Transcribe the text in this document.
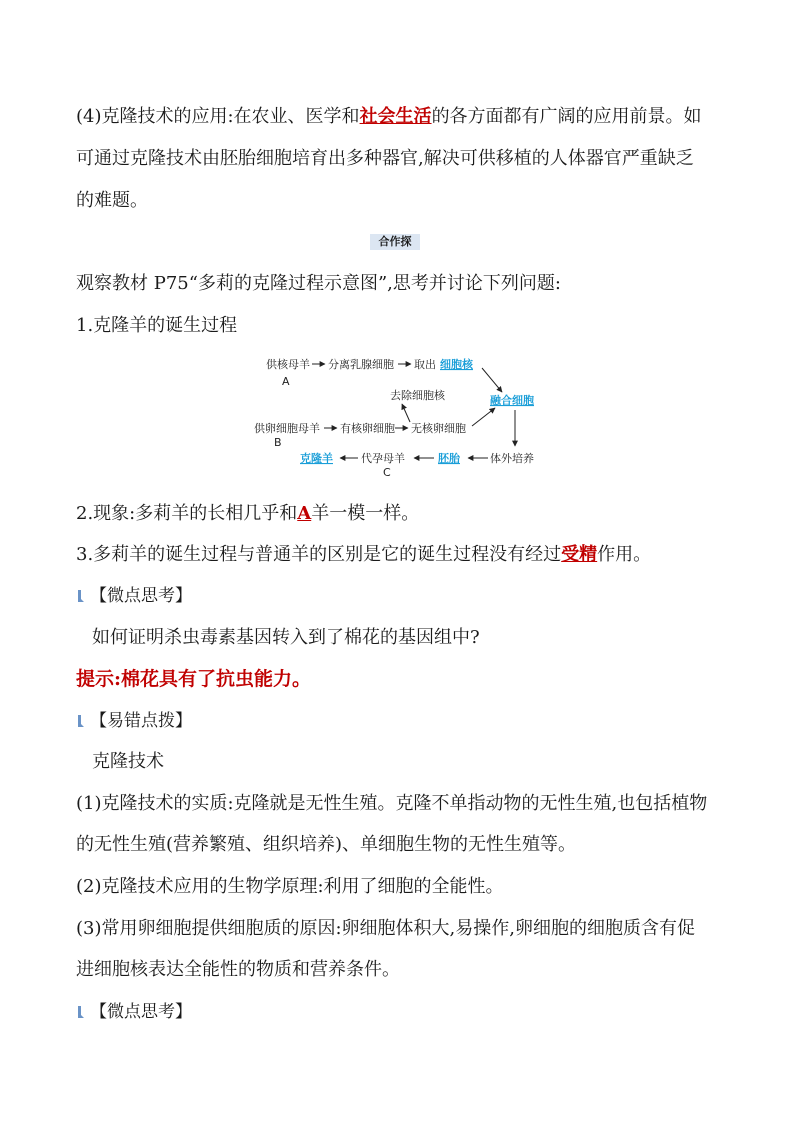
(4)克隆技术的应用:在农业、医学和社会生活的各方面都有广阔的应用前景。如
可通过克隆技术由胚胎细胞培育出多种器官,解决可供移植的人体器官严重缺乏
的难题。
合作探
观察教材 P75“多莉的克隆过程示意图”,思考并讨论下列问题:
1.克隆羊的诞生过程
供核母羊 分离乳腺细胞 取出 细胞核
A
去除细胞核	融合细胞
供卵细胞母羊 有核卵细胞 无核卵细胞
B
克隆羊	代孕母羊	胚胎	体外培养
C
2.现象:多莉羊的长相几乎和A羊一模一样。
3.多莉羊的诞生过程与普通羊的区别是它的诞生过程没有经过受精作用。
【微点思考】
如何证明杀虫毒素基因转入到了棉花的基因组中?
提示:棉花具有了抗虫能力。
【易错点拨】
克隆技术
(1)克隆技术的实质:克隆就是无性生殖。克隆不单指动物的无性生殖,也包括植物
的无性生殖(营养繁殖、组织培养)、单细胞生物的无性生殖等。
(2)克隆技术应用的生物学原理:利用了细胞的全能性。
(3)常用卵细胞提供细胞质的原因:卵细胞体积大,易操作,卵细胞的细胞质含有促
进细胞核表达全能性的物质和营养条件。
【微点思考】
